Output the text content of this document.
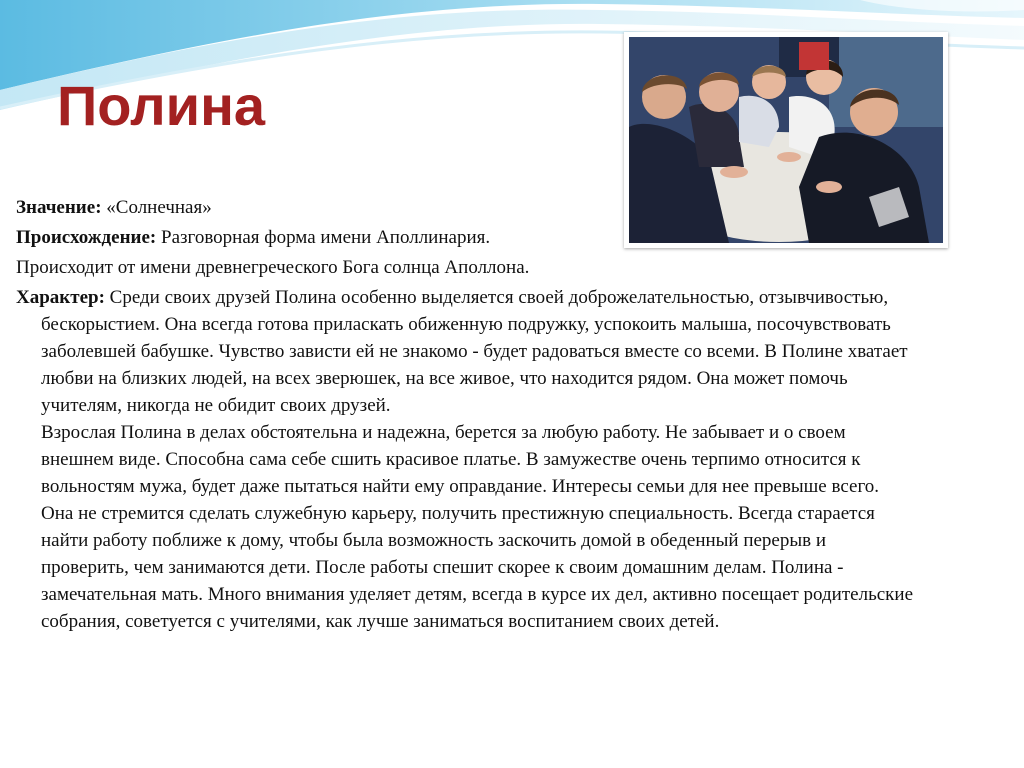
Полина

Значение: «Солнечная»

Происхождение: Разговорная форма имени Аполлинария.

Происходит от имени древнегреческого Бога солнца Аполлона.

Характер: Среди своих друзей Полина особенно выделяется своей доброжелательностью, отзывчивостью, бескорыстием. Она всегда готова приласкать обиженную подружку, успокоить малыша, посочувствовать заболевшей бабушке. Чувство зависти ей не знакомо - будет радоваться вместе со всеми. В Полине хватает любви на близких людей, на всех зверюшек, на все живое, что находится рядом. Она может помочь учителям, никогда не обидит своих друзей.

Взрослая Полина в делах обстоятельна и надежна, берется за любую работу. Не забывает и о своем внешнем виде. Способна сама себе сшить красивое платье. В замужестве очень терпимо относится к вольностям мужа, будет даже пытаться найти ему оправдание. Интересы семьи для нее превыше всего. Она не стремится сделать служебную карьеру, получить престижную специальность. Всегда старается найти работу поближе к дому, чтобы была возможность заскочить домой в обеденный перерыв и проверить, чем занимаются дети. После работы спешит скорее к своим домашним делам. Полина - замечательная мать. Много внимания уделяет детям, всегда в курсе их дел, активно посещает родительские собрания, советуется с учителями, как лучше заниматься воспитанием своих детей.
